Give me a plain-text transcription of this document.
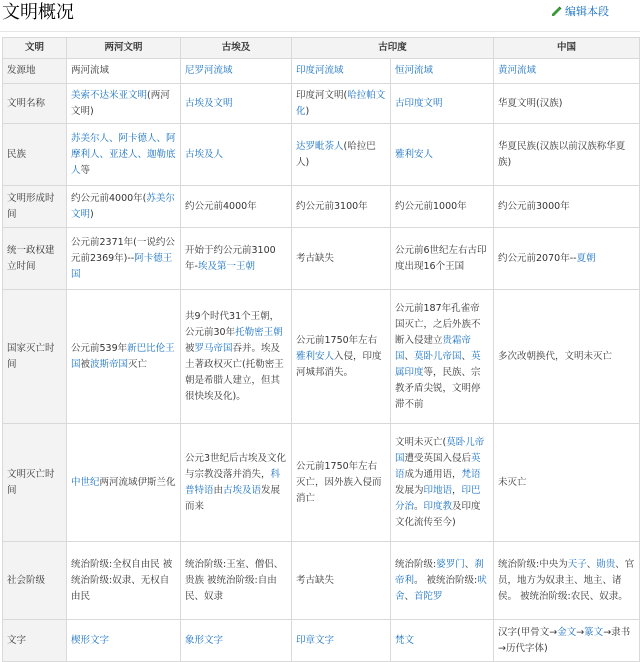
文明概况	编辑本段
文明	两河文明	古埃及	古印度		中国
发源地	两河流域	尼罗河流域	印度河流域	恒河流域	黄河流域
文明名称	美索不达米亚文明(两河文明)	古埃及文明	印度河文明(哈拉帕文化)	古印度文明	华夏文明(汉族)
民族	苏美尔人、阿卡德人、阿摩利人、亚述人、迦勒底人等	古埃及人	达罗毗荼人(哈拉巴人)	雅利安人	华夏民族(汉族以前汉族称华夏族)
文明形成时间	约公元前4000年(苏美尔文明)	约公元前4000年	约公元前3100年	约公元前1000年	约公元前3000年
统一政权建立时间	公元前2371年(一说约公元前2369年)--阿卡德王国	开始于约公元前3100年-埃及第一王朝	考古缺失	公元前6世纪左右古印度出现16个王国	约公元前2070年--夏朝
国家灭亡时间	公元前539年新巴比伦王国被波斯帝国灭亡	共9个时代31个王朝，公元前30年托勒密王朝被罗马帝国吞并。埃及土著政权灭亡(托勒密王朝是希腊人建立，但其很快埃及化)。	公元前1750年左右雅利安人入侵，印度河城邦消失。	公元前187年孔雀帝国灭亡，之后外族不断入侵建立贵霜帝国、莫卧儿帝国、英属印度等，民族、宗教矛盾尖锐，文明停滞不前	多次改朝换代，文明未灭亡
文明灭亡时间	中世纪两河流域伊斯兰化	公元3世纪后古埃及文化与宗教没落并消失，科普特语由古埃及语发展而来	公元前1750年左右灭亡，因外族入侵而消亡	文明未灭亡(莫卧儿帝国遭受英国入侵后英语成为通用语，梵语发展为印地语，印巴分治。印度教及印度文化流传至今)	未灭亡
社会阶级	统治阶级:全权自由民 被统治阶级:奴隶、无权自由民	统治阶级:王室、僧侣、贵族 被统治阶级:自由民、奴隶	考古缺失	统治阶级:婆罗门、刹帝利。 被统治阶级:吠舍、首陀罗	统治阶级:中央为天子、勋贵、官员，地方为奴隶主、地主、诸侯。 被统治阶级:农民、奴隶。
文字	楔形文字	象形文字	印章文字	梵文	汉字(甲骨文→金文→篆文→隶书→历代字体)
